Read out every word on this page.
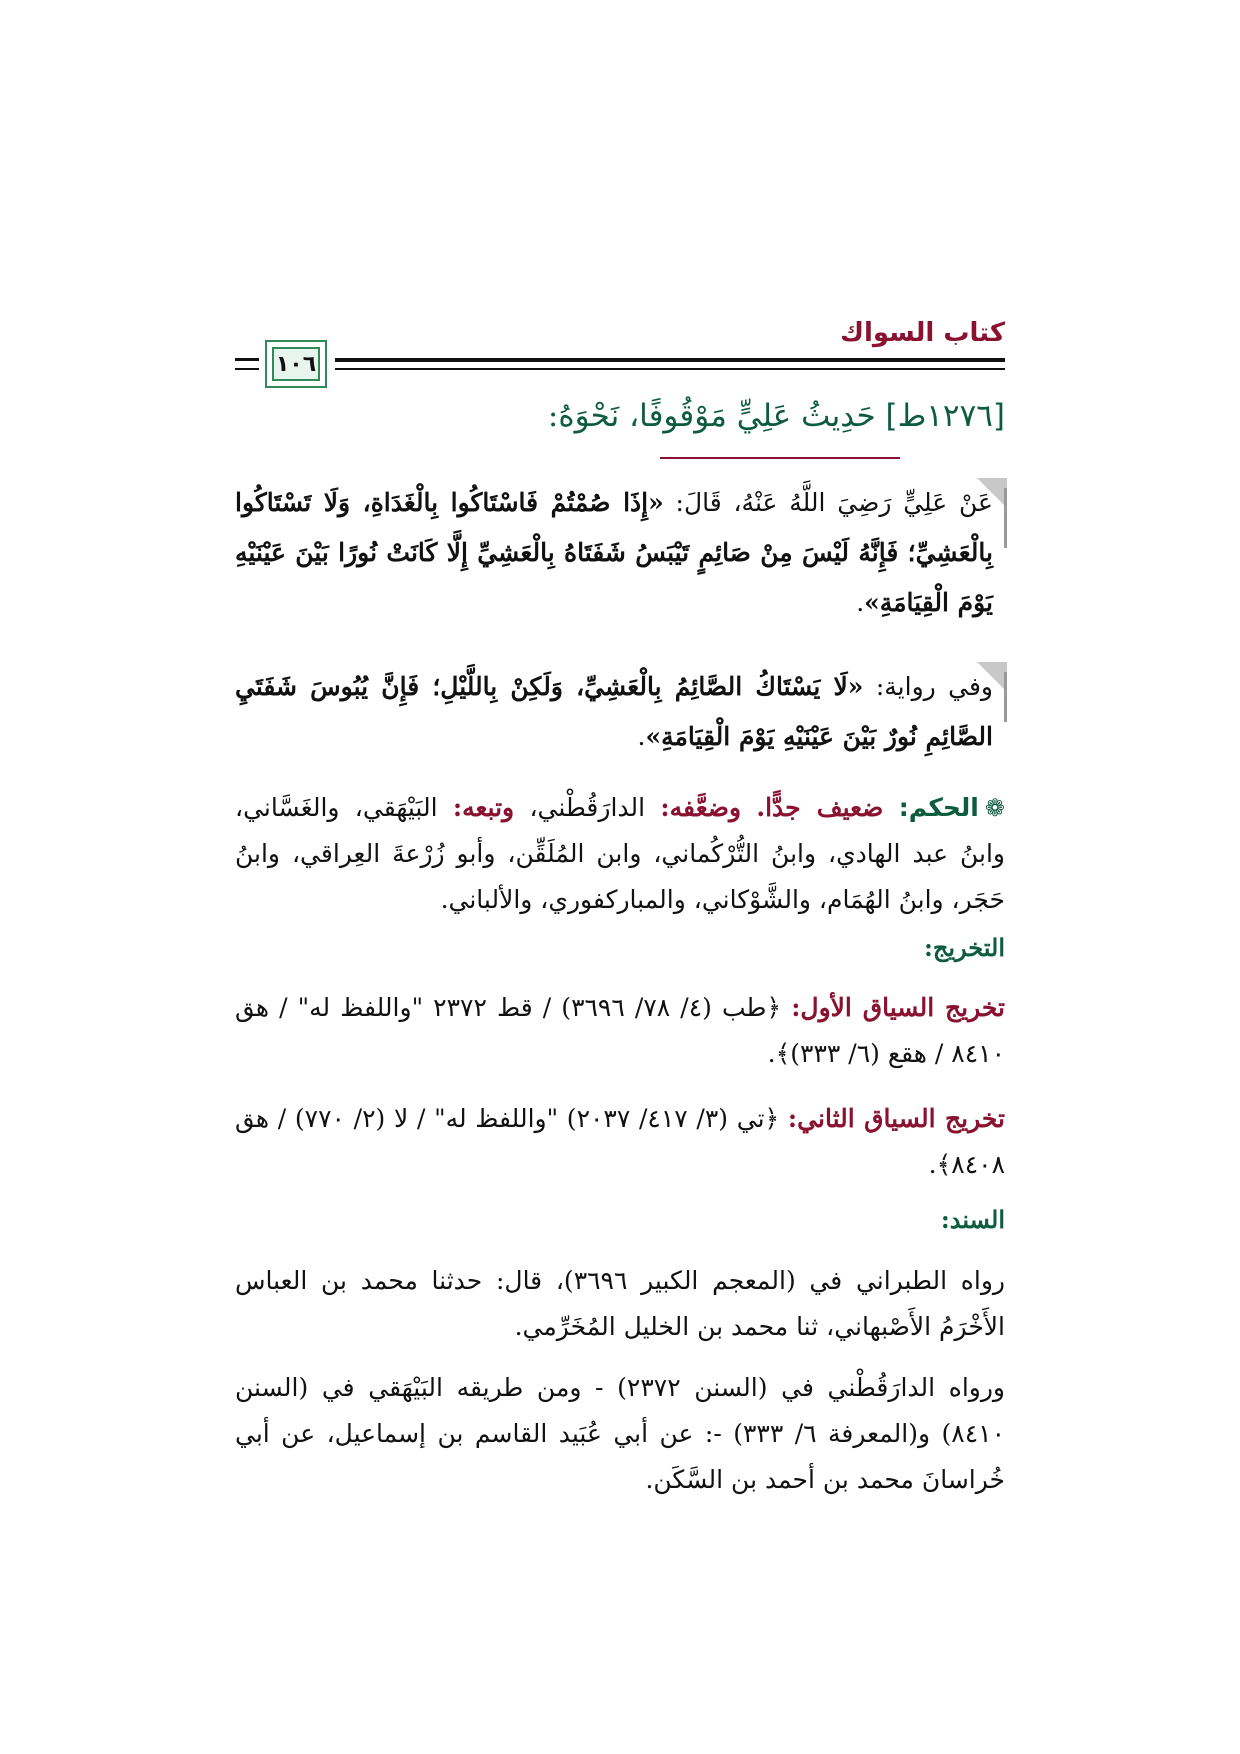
١٠٦
كتاب السواك
[١٢٧٦ط] حَدِيثُ عَلِيٍّ مَوْقُوفًا، نَحْوَهُ:
عَنْ عَلِيٍّ رَضِيَ اللَّهُ عَنْهُ، قَالَ: «إِذَا صُمْتُمْ فَاسْتَاكُوا بِالْغَدَاةِ، وَلَا تَسْتَاكُوا بِالْعَشِيِّ؛ فَإِنَّهُ لَيْسَ مِنْ صَائِمٍ تَيْبَسُ شَفَتَاهُ بِالْعَشِيِّ إِلَّا كَانَتْ نُورًا بَيْنَ عَيْنَيْهِ يَوْمَ الْقِيَامَةِ».
وفي رواية: «لَا يَسْتَاكُ الصَّائِمُ بِالْعَشِيِّ، وَلَكِنْ بِاللَّيْلِ؛ فَإِنَّ يُبُوسَ شَفَتَيِ الصَّائِمِ نُورٌ بَيْنَ عَيْنَيْهِ يَوْمَ الْقِيَامَةِ».
❁الحكم: ضعيف جدًّا. وضعَّفه: الدارَقُطْني، وتبعه: البَيْهَقي، والغَسَّاني، وابنُ عبد الهادي، وابنُ التُّرْكُماني، وابن المُلَقِّن، وأبو زُرْعةَ العِراقي، وابنُ حَجَر، وابنُ الهُمَام، والشَّوْكاني، والمباركفوري، والألباني.
التخريج:
تخريج السياق الأول: ﴿طب (٤/ ٧٨/ ٣٦٩٦) / قط ٢٣٧٢ "واللفظ له" / هق ٨٤١٠ / هقع (٦/ ٣٣٣)﴾.
تخريج السياق الثاني: ﴿تي (٣/ ٤١٧/ ٢٠٣٧) "واللفظ له" / لا (٢/ ٧٧٠) / هق ٨٤٠٨﴾.
السند:
رواه الطبراني في (المعجم الكبير ٣٦٩٦)، قال: حدثنا محمد بن العباس الأَخْرَمُ الأَصْبهاني، ثنا محمد بن الخليل المُخَرِّمي.
ورواه الدارَقُطْني في (السنن ٢٣٧٢) - ومن طريقه البَيْهَقي في (السنن ٨٤١٠) و(المعرفة ٦/ ٣٣٣) -: عن أبي عُبَيد القاسم بن إسماعيل، عن أبي خُراسانَ محمد بن أحمد بن السَّكَن.
